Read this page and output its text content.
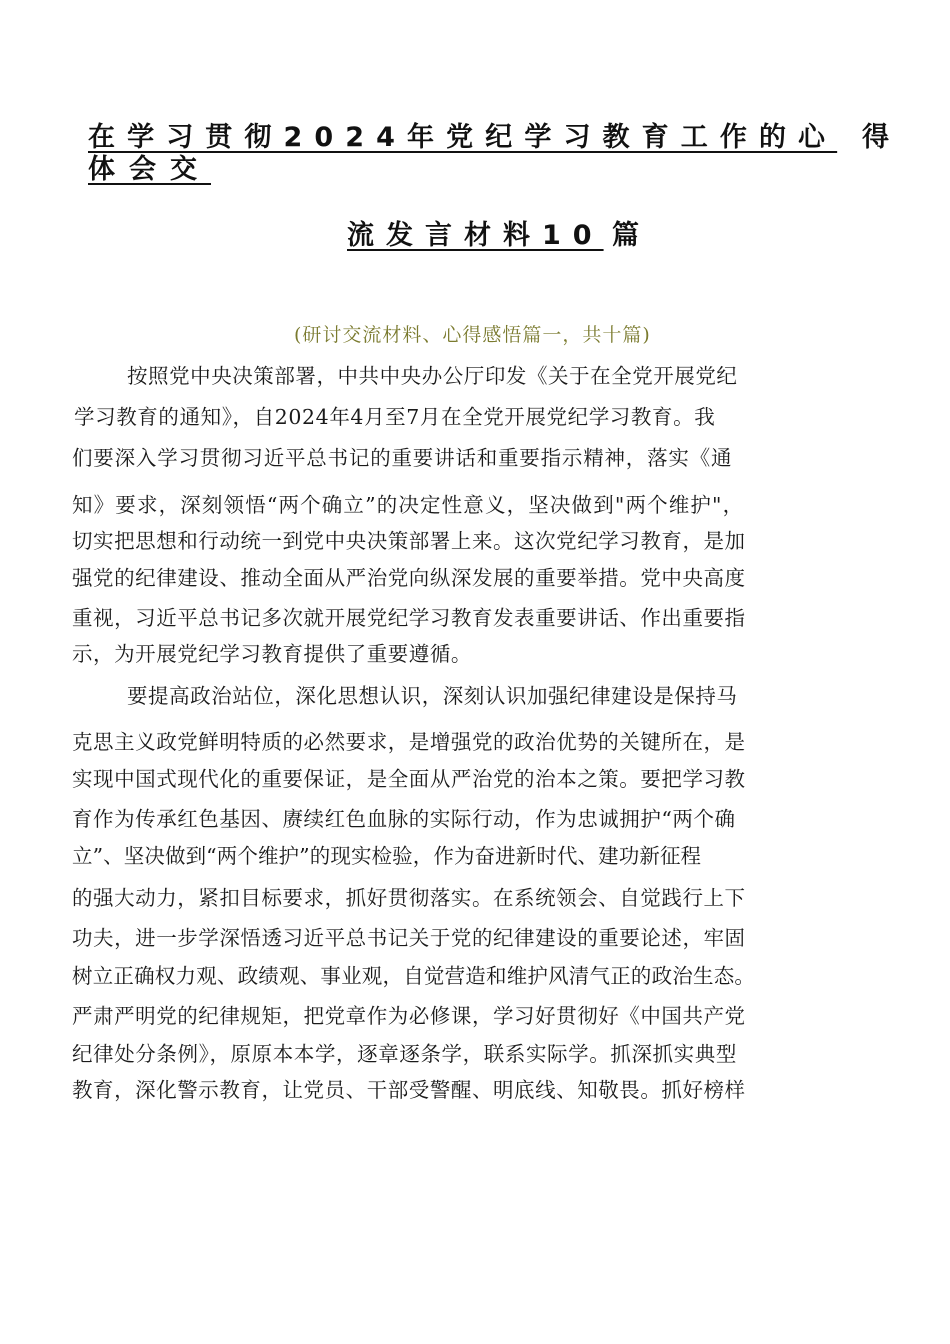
在学习贯彻2024年党纪学习教育工作的心 得
体会交
流发言材料10 篇
(研讨交流材料、心得感悟篇一，共十篇)
按照党中央决策部署，中共中央办公厅印发《关于在全党开展党纪
学习教育的通知》，自2024年4月至7月在全党开展党纪学习教育。我
们要深入学习贯彻习近平总书记的重要讲话和重要指示精神，落实《通
知》要求，深刻领悟“两个确立”的决定性意义，坚决做到"两个维护"，
切实把思想和行动统一到党中央决策部署上来。这次党纪学习教育，是加
强党的纪律建设、推动全面从严治党向纵深发展的重要举措。党中央高度
重视，习近平总书记多次就开展党纪学习教育发表重要讲话、作出重要指
示，为开展党纪学习教育提供了重要遵循。
要提高政治站位，深化思想认识，深刻认识加强纪律建设是保持马
克思主义政党鲜明特质的必然要求，是增强党的政治优势的关键所在，是
实现中国式现代化的重要保证，是全面从严治党的治本之策。要把学习教
育作为传承红色基因、赓续红色血脉的实际行动，作为忠诚拥护“两个确
立”、坚决做到“两个维护”的现实检验，作为奋进新时代、建功新征程
的强大动力，紧扣目标要求，抓好贯彻落实。在系统领会、自觉践行上下
功夫，进一步学深悟透习近平总书记关于党的纪律建设的重要论述，牢固
树立正确权力观、政绩观、事业观，自觉营造和维护风清气正的政治生态。
严肃严明党的纪律规矩，把党章作为必修课，学习好贯彻好《中国共产党
纪律处分条例》，原原本本学，逐章逐条学，联系实际学。抓深抓实典型
教育，深化警示教育，让党员、干部受警醒、明底线、知敬畏。抓好榜样
